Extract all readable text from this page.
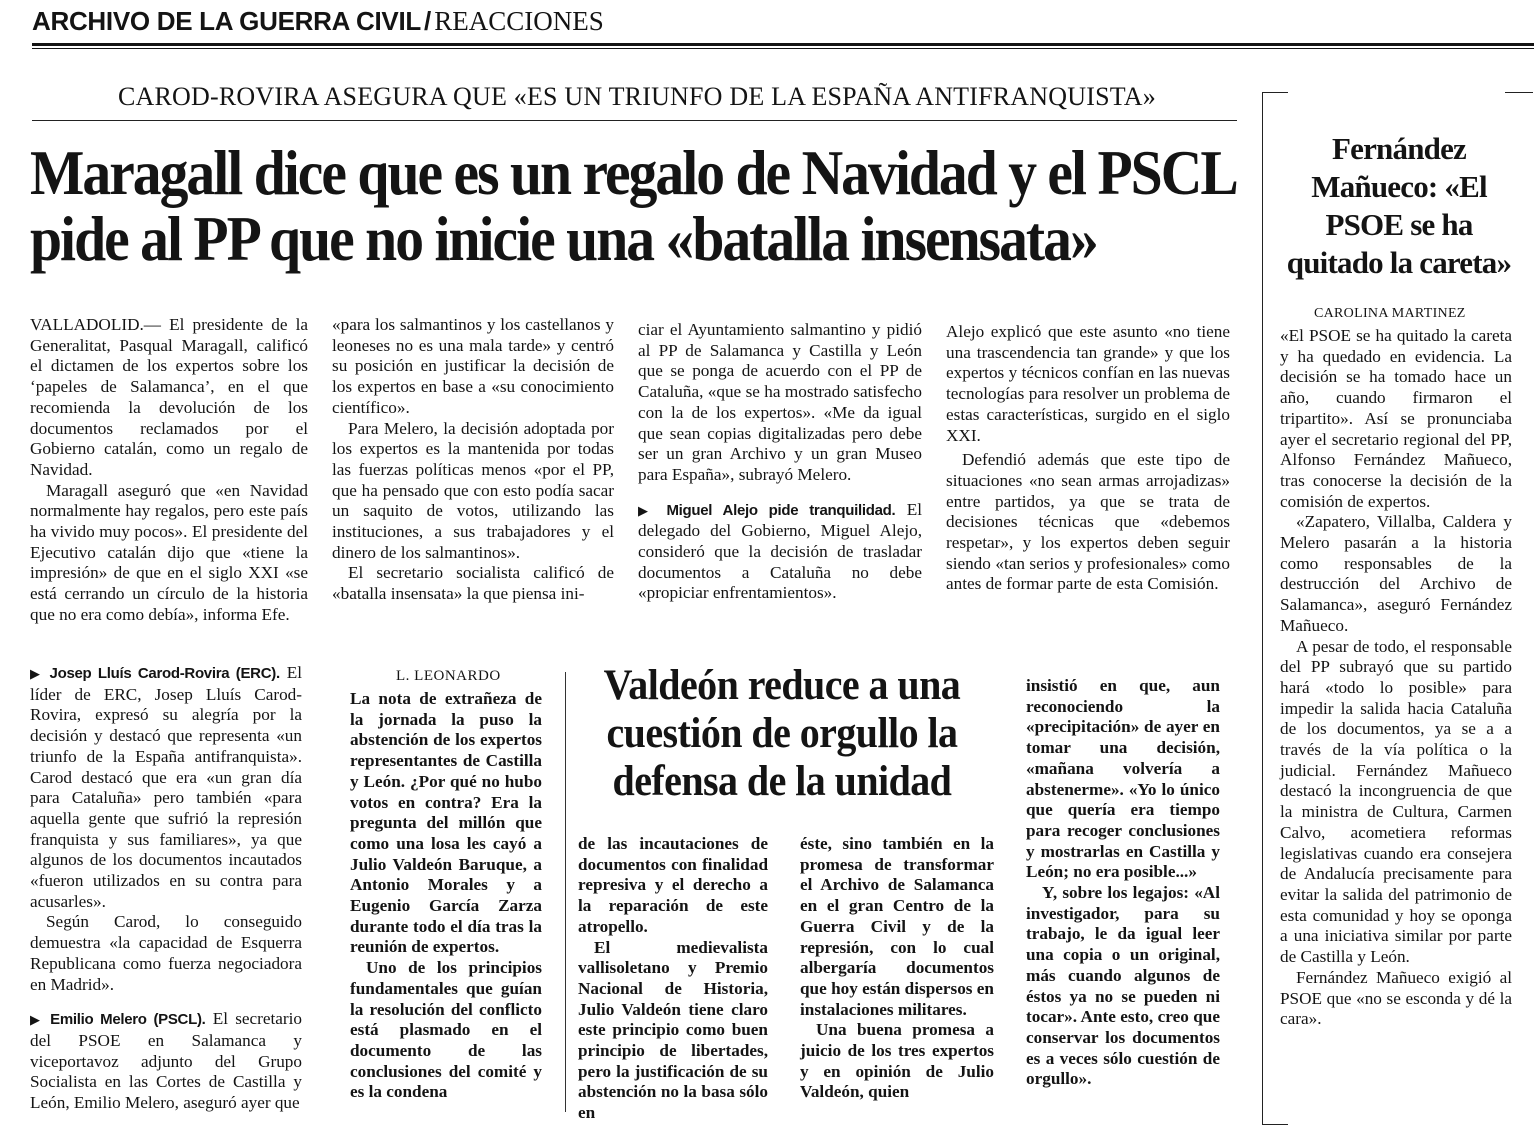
ARCHIVO DE LA GUERRA CIVIL / REACCIONES
CAROD-ROVIRA ASEGURA QUE «ES UN TRIUNFO DE LA ESPAÑA ANTIFRANQUISTA»
Maragall dice que es un regalo de Navidad y el PSCL
pide al PP que no inicie una «batalla insensata»

VALLADOLID.— El presidente de la Generalitat, Pasqual Maragall, calificó el dictamen de los expertos sobre los ‘papeles de Salamanca’, en el que recomienda la devolución de los documentos reclamados por el Gobierno catalán, como un regalo de Navidad.

Maragall aseguró que «en Navidad normalmente hay regalos, pero este país ha vivido muy pocos». El presidente del Ejecutivo catalán dijo que «tiene la impresión» de que en el siglo XXI «se está cerrando un círculo de la historia que no era como debía», informa Efe.

«para los salmantinos y los castellanos y leoneses no es una mala tarde» y centró su posición en justificar la decisión de los expertos en base a «su conocimiento científico».

Para Melero, la decisión adoptada por los expertos es la mantenida por todas las fuerzas políticas menos «por el PP, que ha pensado que con esto podía sacar un saquito de votos, utilizando las instituciones, a sus trabajadores y el dinero de los salmantinos».

El secretario socialista calificó de «batalla insensata» la que piensa ini-

ciar el Ayuntamiento salmantino y pidió al PP de Salamanca y Castilla y León que se ponga de acuerdo con el PP de Cataluña, «que se ha mostrado satisfecho con la de los expertos». «Me da igual que sean copias digitalizadas pero debe ser un gran Archivo y un gran Museo para España», subrayó Melero.

▶ Miguel Alejo pide tranquilidad. El delegado del Gobierno, Miguel Alejo, consideró que la decisión de trasladar documentos a Cataluña no debe «propiciar enfrentamientos».

Alejo explicó que este asunto «no tiene una trascendencia tan grande» y que los expertos y técnicos confían en las nuevas tecnologías para resolver un problema de estas características, surgido en el siglo XXI.

Defendió además que este tipo de situaciones «no sean armas arrojadizas» entre partidos, ya que se trata de decisiones técnicas que «debemos respetar», y los expertos deben seguir siendo «tan serios y profesionales» como antes de formar parte de esta Comisión.

▶ Josep Lluís Carod-Rovira (ERC). El líder de ERC, Josep Lluís Carod-Rovira, expresó su alegría por la decisión y destacó que representa «un triunfo de la España antifranquista». Carod destacó que era «un gran día para Cataluña» pero también «para aquella gente que sufrió la represión franquista y sus familiares», ya que algunos de los documentos incautados «fueron utilizados en su contra para acusarles».

Según Carod, lo conseguido demuestra «la capacidad de Esquerra Republicana como fuerza negociadora en Madrid».

▶ Emilio Melero (PSCL). El secretario del PSOE en Salamanca y viceportavoz adjunto del Grupo Socialista en las Cortes de Castilla y León, Emilio Melero, aseguró ayer que

L. LEONARDO

La nota de extrañeza de la jornada la puso la abstención de los expertos representantes de Castilla y León. ¿Por qué no hubo votos en contra? Era la pregunta del millón que como una losa les cayó a Julio Valdeón Baruque, a Antonio Morales y a Eugenio García Zarza durante todo el día tras la reunión de expertos.

Uno de los principios fundamentales que guían la resolución del conflicto está plasmado en el documento de las conclusiones del comité y es la condena

Valdeón reduce a una cuestión de orgullo la defensa de la unidad

de las incautaciones de documentos con finalidad represiva y el derecho a la reparación de este atropello.

El medievalista vallisoletano y Premio Nacional de Historia, Julio Valdeón tiene claro este principio como buen principio de libertades, pero la justificación de su abstención no la basa sólo en

éste, sino también en la promesa de transformar el Archivo de Salamanca en el gran Centro de la Guerra Civil y de la represión, con lo cual albergaría documentos que hoy están dispersos en instalaciones militares.

Una buena promesa a juicio de los tres expertos y en opinión de Julio Valdeón, quien

insistió en que, aun reconociendo la «precipitación» de ayer en tomar una decisión, «mañana volvería a abstenerme». «Yo lo único que quería era tiempo para recoger conclusiones y mostrarlas en Castilla y León; no era posible...»

Y, sobre los legajos: «Al investigador, para su trabajo, le da igual leer una copia o un original, más cuando algunos de éstos ya no se pueden ni tocar». Ante esto, creo que conservar los documentos es a veces sólo cuestión de orgullo».

Fernández Mañueco: «El PSOE se ha quitado la careta»
CAROLINA MARTINEZ

«El PSOE se ha quitado la careta y ha quedado en evidencia. La decisión se ha tomado hace un año, cuando firmaron el tripartito». Así se pronunciaba ayer el secretario regional del PP, Alfonso Fernández Mañueco, tras conocerse la decisión de la comisión de expertos.

«Zapatero, Villalba, Caldera y Melero pasarán a la historia como responsables de la destrucción del Archivo de Salamanca», aseguró Fernández Mañueco.

A pesar de todo, el responsable del PP subrayó que su partido hará «todo lo posible» para impedir la salida hacia Cataluña de los documentos, ya se a a través de la vía política o la judicial. Fernández Mañueco destacó la incongruencia de que la ministra de Cultura, Carmen Calvo, acometiera reformas legislativas cuando era consejera de Andalucía precisamente para evitar la salida del patrimonio de esta comunidad y hoy se oponga a una iniciativa similar por parte de Castilla y León.

Fernández Mañueco exigió al PSOE que «no se esconda y dé la cara».
